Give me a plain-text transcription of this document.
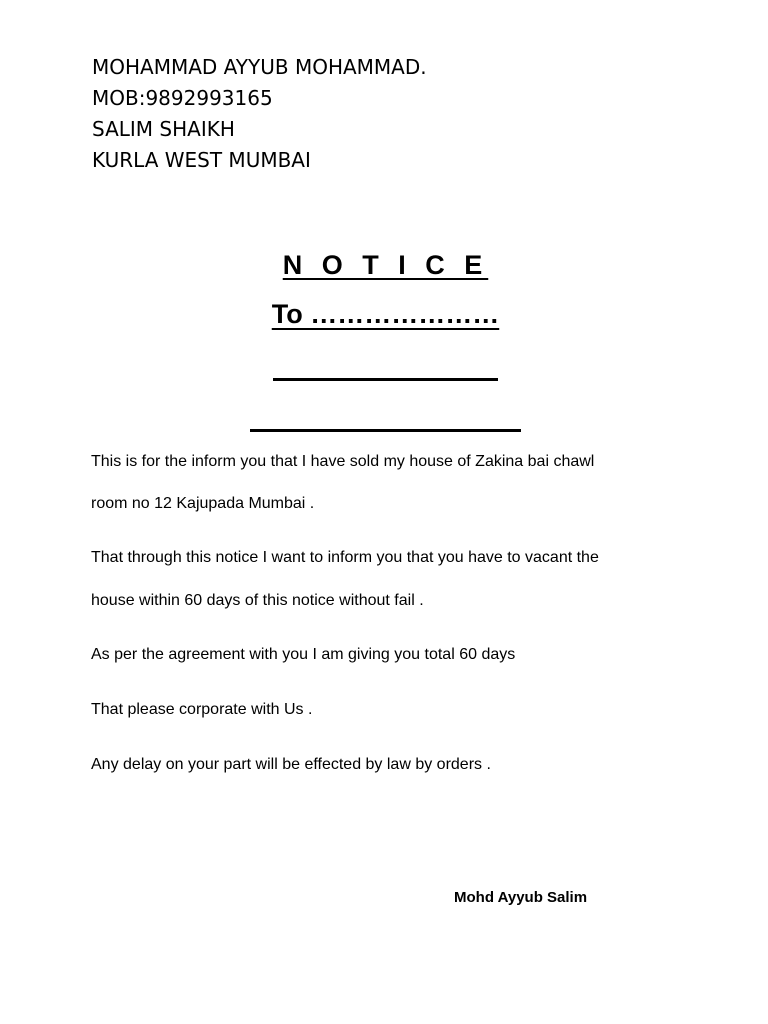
MOHAMMAD AYYUB MOHAMMAD.
MOB:9892993165
SALIM SHAIKH
KURLA WEST MUMBAI
N O T I C E
To …………………
This is for the inform you that I have sold my house of Zakina bai chawl
room no 12 Kajupada Mumbai .
That through this notice I want to inform you that you have to vacant the
house within 60 days of this notice without fail .
As per the agreement with you I am giving you total 60 days
That please corporate with Us .
Any delay on your part will be effected by law by orders .
Mohd Ayyub Salim
